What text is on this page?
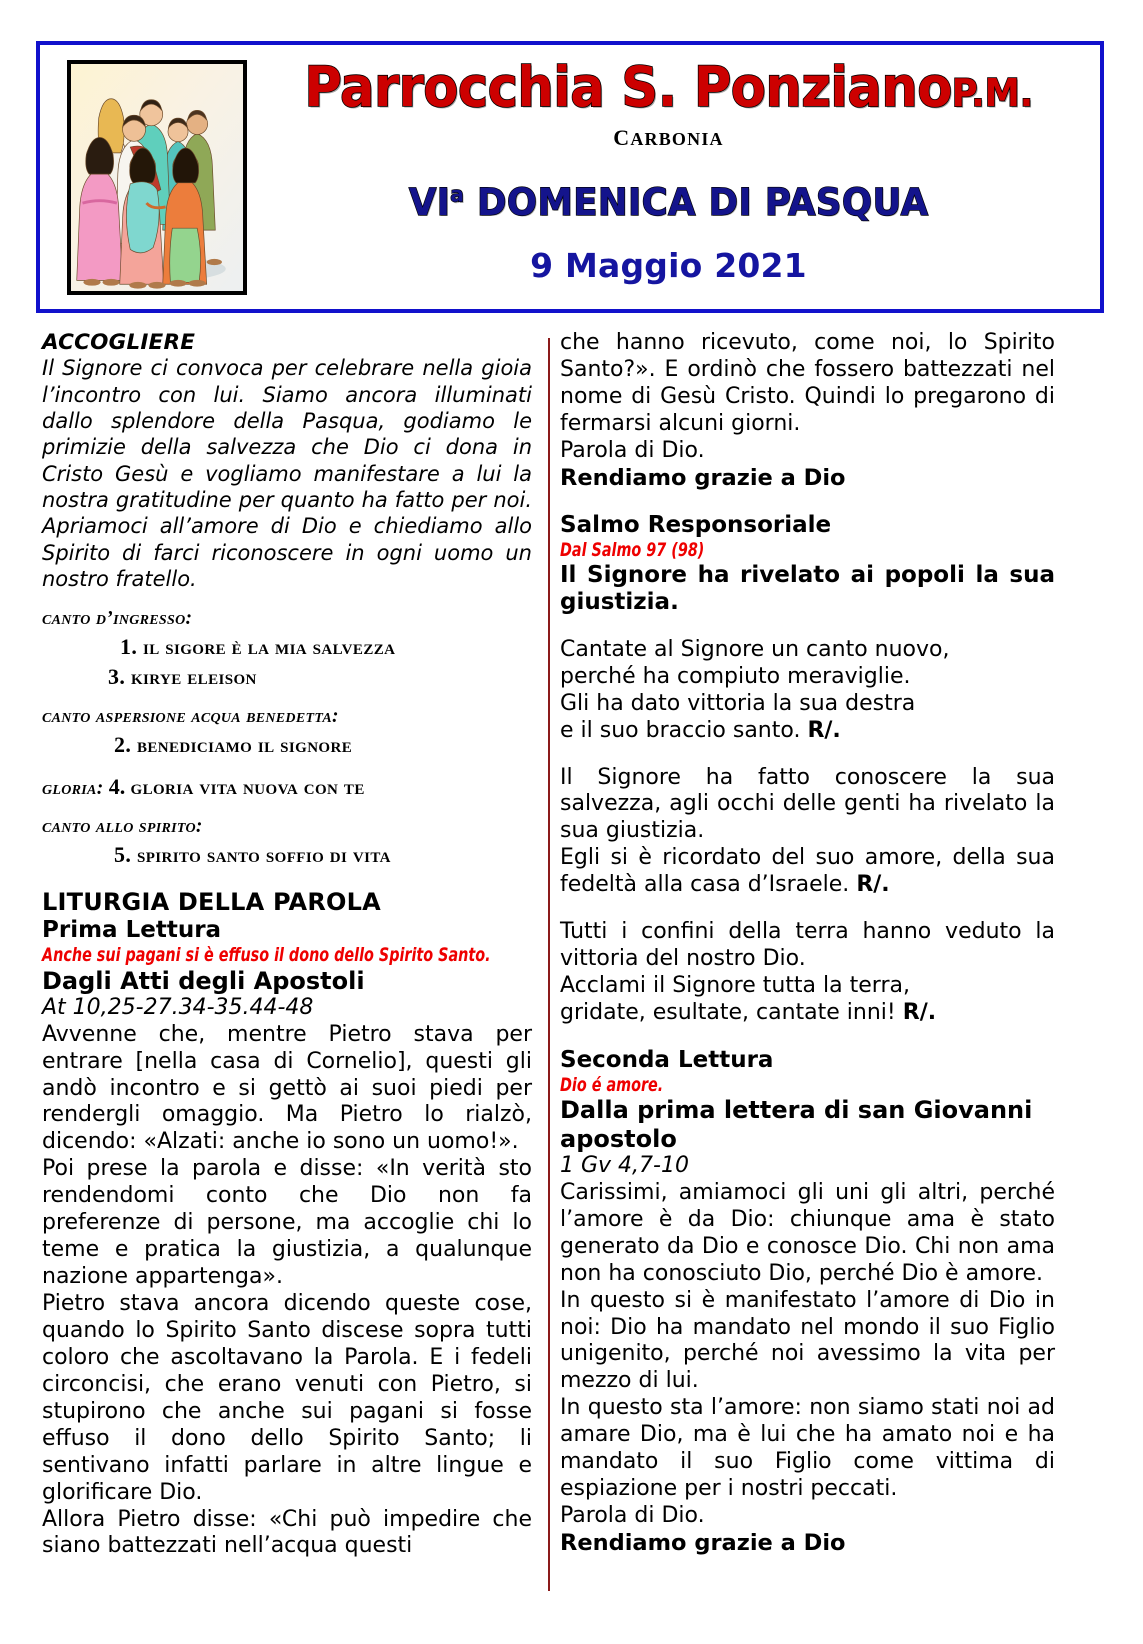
Parrocchia S. PonzianoP.M.
carbonia
$VI^a$ DOMENICA DI PASQUA
9 Maggio 2021

ACCOGLIERE

Il Signore ci convoca per celebrare nella gioia l’incontro con lui. Siamo ancora illuminati dallo splendore della Pasqua, godiamo le primizie della salvezza che Dio ci dona in Cristo Gesù e vogliamo manifestare a lui la nostra gratitudine per quanto ha fatto per noi. Apriamoci all’amore di Dio e chiediamo allo Spirito di farci riconoscere in ogni uomo un nostro fratello.

canto d’ingresso:

1. il sigore è la mia salvezza

3. kirye eleison

canto aspersione acqua benedetta:

2. benediciamo il signore

gloria: 4. gloria vita nuova con te

canto allo spirito:

5. spirito santo soffio di vita

LITURGIA DELLA PAROLA

Prima Lettura

Anche sui pagani si è effuso il dono dello Spirito Santo.

Dagli Atti degli Apostoli

At 10,25-27.34-35.44-48

Avvenne che, mentre Pietro stava per entrare [nella casa di Cornelio], questi gli andò incontro e si gettò ai suoi piedi per rendergli omaggio. Ma Pietro lo rialzò, dicendo: «Alzati: anche io sono un uomo!».

Poi prese la parola e disse: «In verità sto rendendomi conto che Dio non fa preferenze di persone, ma accoglie chi lo teme e pratica la giustizia, a qualunque nazione appartenga».

Pietro stava ancora dicendo queste cose, quando lo Spirito Santo discese sopra tutti coloro che ascoltavano la Parola. E i fedeli circoncisi, che erano venuti con Pietro, si stupirono che anche sui pagani si fosse effuso il dono dello Spirito Santo; li sentivano infatti parlare in altre lingue e glorificare Dio.

Allora Pietro disse: «Chi può impedire che siano battezzati nell’acqua questi

che hanno ricevuto, come noi, lo Spirito Santo?». E ordinò che fossero battezzati nel nome di Gesù Cristo. Quindi lo pregarono di fermarsi alcuni giorni.

Parola di Dio.

Rendiamo grazie a Dio

Salmo Responsoriale

Dal Salmo 97 (98)

Il Signore ha rivelato ai popoli la sua giustizia.

Cantate al Signore un canto nuovo,
perché ha compiuto meraviglie.
Gli ha dato vittoria la sua destra
e il suo braccio santo. R/.

Il Signore ha fatto conoscere la sua salvezza, agli occhi delle genti ha rivelato la sua giustizia.
Egli si è ricordato del suo amore, della sua fedeltà alla casa d’Israele. R/.

Tutti i confini della terra hanno veduto la vittoria del nostro Dio.
Acclami il Signore tutta la terra,
gridate, esultate, cantate inni! R/.

Seconda Lettura

Dio é amore.

Dalla prima lettera di san Giovanni apostolo

1 Gv 4,7-10

Carissimi, amiamoci gli uni gli altri, perché l’amore è da Dio: chiunque ama è stato generato da Dio e conosce Dio. Chi non ama non ha conosciuto Dio, perché Dio è amore.

In questo si è manifestato l’amore di Dio in noi: Dio ha mandato nel mondo il suo Figlio unigenito, perché noi avessimo la vita per mezzo di lui.

In questo sta l’amore: non siamo stati noi ad amare Dio, ma è lui che ha amato noi e ha mandato il suo Figlio come vittima di espiazione per i nostri peccati.

Parola di Dio.

Rendiamo grazie a Dio
